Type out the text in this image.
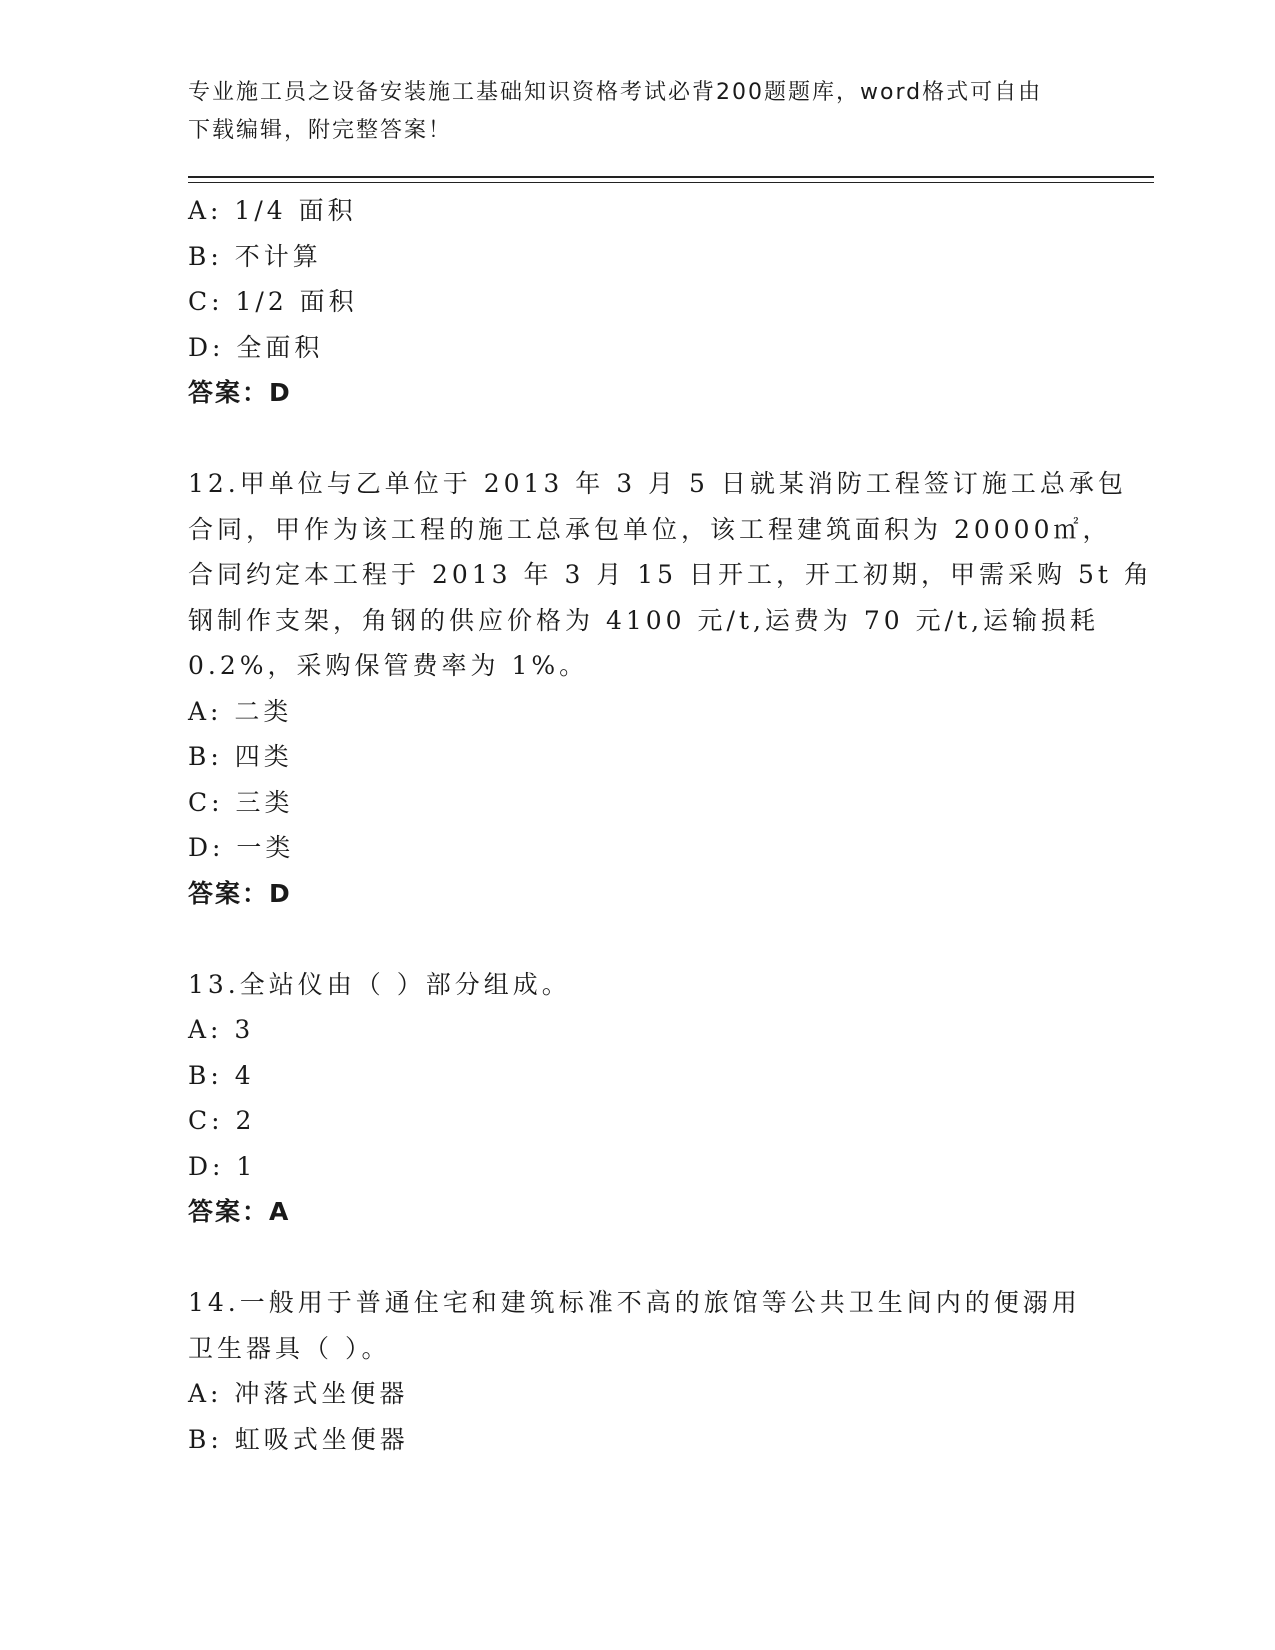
专业施工员之设备安装施工基础知识资格考试必背200题题库，word格式可自由
下载编辑，附完整答案！
A: 1/4 面积
B: 不计算
C: 1/2 面积
D: 全面积
答案：D
12.甲单位与乙单位于 2013 年 3 月 5 日就某消防工程签订施工总承包
合同，甲作为该工程的施工总承包单位，该工程建筑面积为 20000㎡，
合同约定本工程于 2013 年 3 月 15 日开工，开工初期，甲需采购 5t 角
钢制作支架，角钢的供应价格为 4100 元/t,运费为 70 元/t,运输损耗
0.2%，采购保管费率为 1%。
A: 二类
B: 四类
C: 三类
D: 一类
答案：D
13.全站仪由（ ）部分组成。
A: 3
B: 4
C: 2
D: 1
答案：A
14.一般用于普通住宅和建筑标准不高的旅馆等公共卫生间内的便溺用
卫生器具（ ）。
A: 冲落式坐便器
B: 虹吸式坐便器
